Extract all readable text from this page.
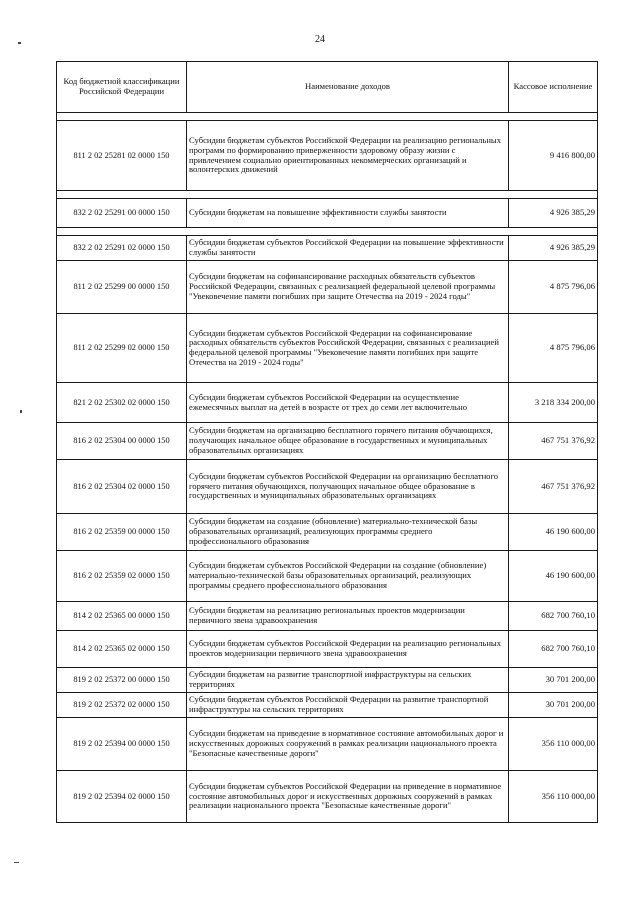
24
Код бюджетной классификации Российской Федерации	Наименование доходов	Кассовое исполнение

811 2 02 25281 02 0000 150	Субсидии бюджетам субъектов Российской Федерации на реализацию региональных программ по формированию приверженности здоровому образу жизни с привлечением социально ориентированных некоммерческих организаций и волонтерских движений	9 416 800,00

832 2 02 25291 00 0000 150	Субсидии бюджетам на повышение эффективности службы занятости	4 926 385,29

832 2 02 25291 02 0000 150	Субсидии бюджетам субъектов Российской Федерации на повышение эффективности службы занятости	4 926 385,29
811 2 02 25299 00 0000 150	Субсидии бюджетам на софинансирование расходных обязательств субъектов Российской Федерации, связанных с реализацией федеральной целевой программы "Увековечение памяти погибших при защите Отечества на 2019 - 2024 годы"	4 875 796,06
811 2 02 25299 02 0000 150	Субсидии бюджетам субъектов Российской Федерации на софинансирование расходных обязательств субъектов Российской Федерации, связанных с реализацией федеральной целевой программы "Увековечение памяти погибших при защите Отечества на 2019 - 2024 годы"	4 875 796,06
821 2 02 25302 02 0000 150	Субсидии бюджетам субъектов Российской Федерации на осуществление ежемесячных выплат на детей в возрасте от трех до семи лет включительно	3 218 334 200,00
816 2 02 25304 00 0000 150	Субсидии бюджетам на организацию бесплатного горячего питания обучающихся, получающих начальное общее образование в государственных и муниципальных образовательных организациях	467 751 376,92
816 2 02 25304 02 0000 150	Субсидии бюджетам субъектов Российской Федерации на организацию бесплатного горячего питания обучающихся, получающих начальное общее образование в государственных и муниципальных образовательных организациях	467 751 376,92
816 2 02 25359 00 0000 150	Субсидии бюджетам на создание (обновление) материально-технической базы образовательных организаций, реализующих программы среднего профессионального образования	46 190 600,00
816 2 02 25359 02 0000 150	Субсидии бюджетам субъектов Российской Федерации на создание (обновление) материально-технической базы образовательных организаций, реализующих программы среднего профессионального образования	46 190 600,00
814 2 02 25365 00 0000 150	Субсидии бюджетам на реализацию региональных проектов модернизации первичного звена здравоохранения	682 700 760,10
814 2 02 25365 02 0000 150	Субсидии бюджетам субъектов Российской Федерации на реализацию региональных проектов модернизации первичного звена здравоохранения	682 700 760,10
819 2 02 25372 00 0000 150	Субсидии бюджетам на развитие транспортной инфраструктуры на сельских территориях	30 701 200,00
819 2 02 25372 02 0000 150	Субсидии бюджетам субъектов Российской Федерации на развитие транспортной инфраструктуры на сельских территориях	30 701 200,00
819 2 02 25394 00 0000 150	Субсидии бюджетам на приведение в нормативное состояние автомобильных дорог и искусственных дорожных сооружений в рамках реализации национального проекта "Безопасные качественные дороги"	356 110 000,00
819 2 02 25394 02 0000 150	Субсидии бюджетам субъектов Российской Федерации на приведение в нормативное состояние автомобильных дорог и искусственных дорожных сооружений в рамках реализации национального проекта "Безопасные качественные дороги"	356 110 000,00
